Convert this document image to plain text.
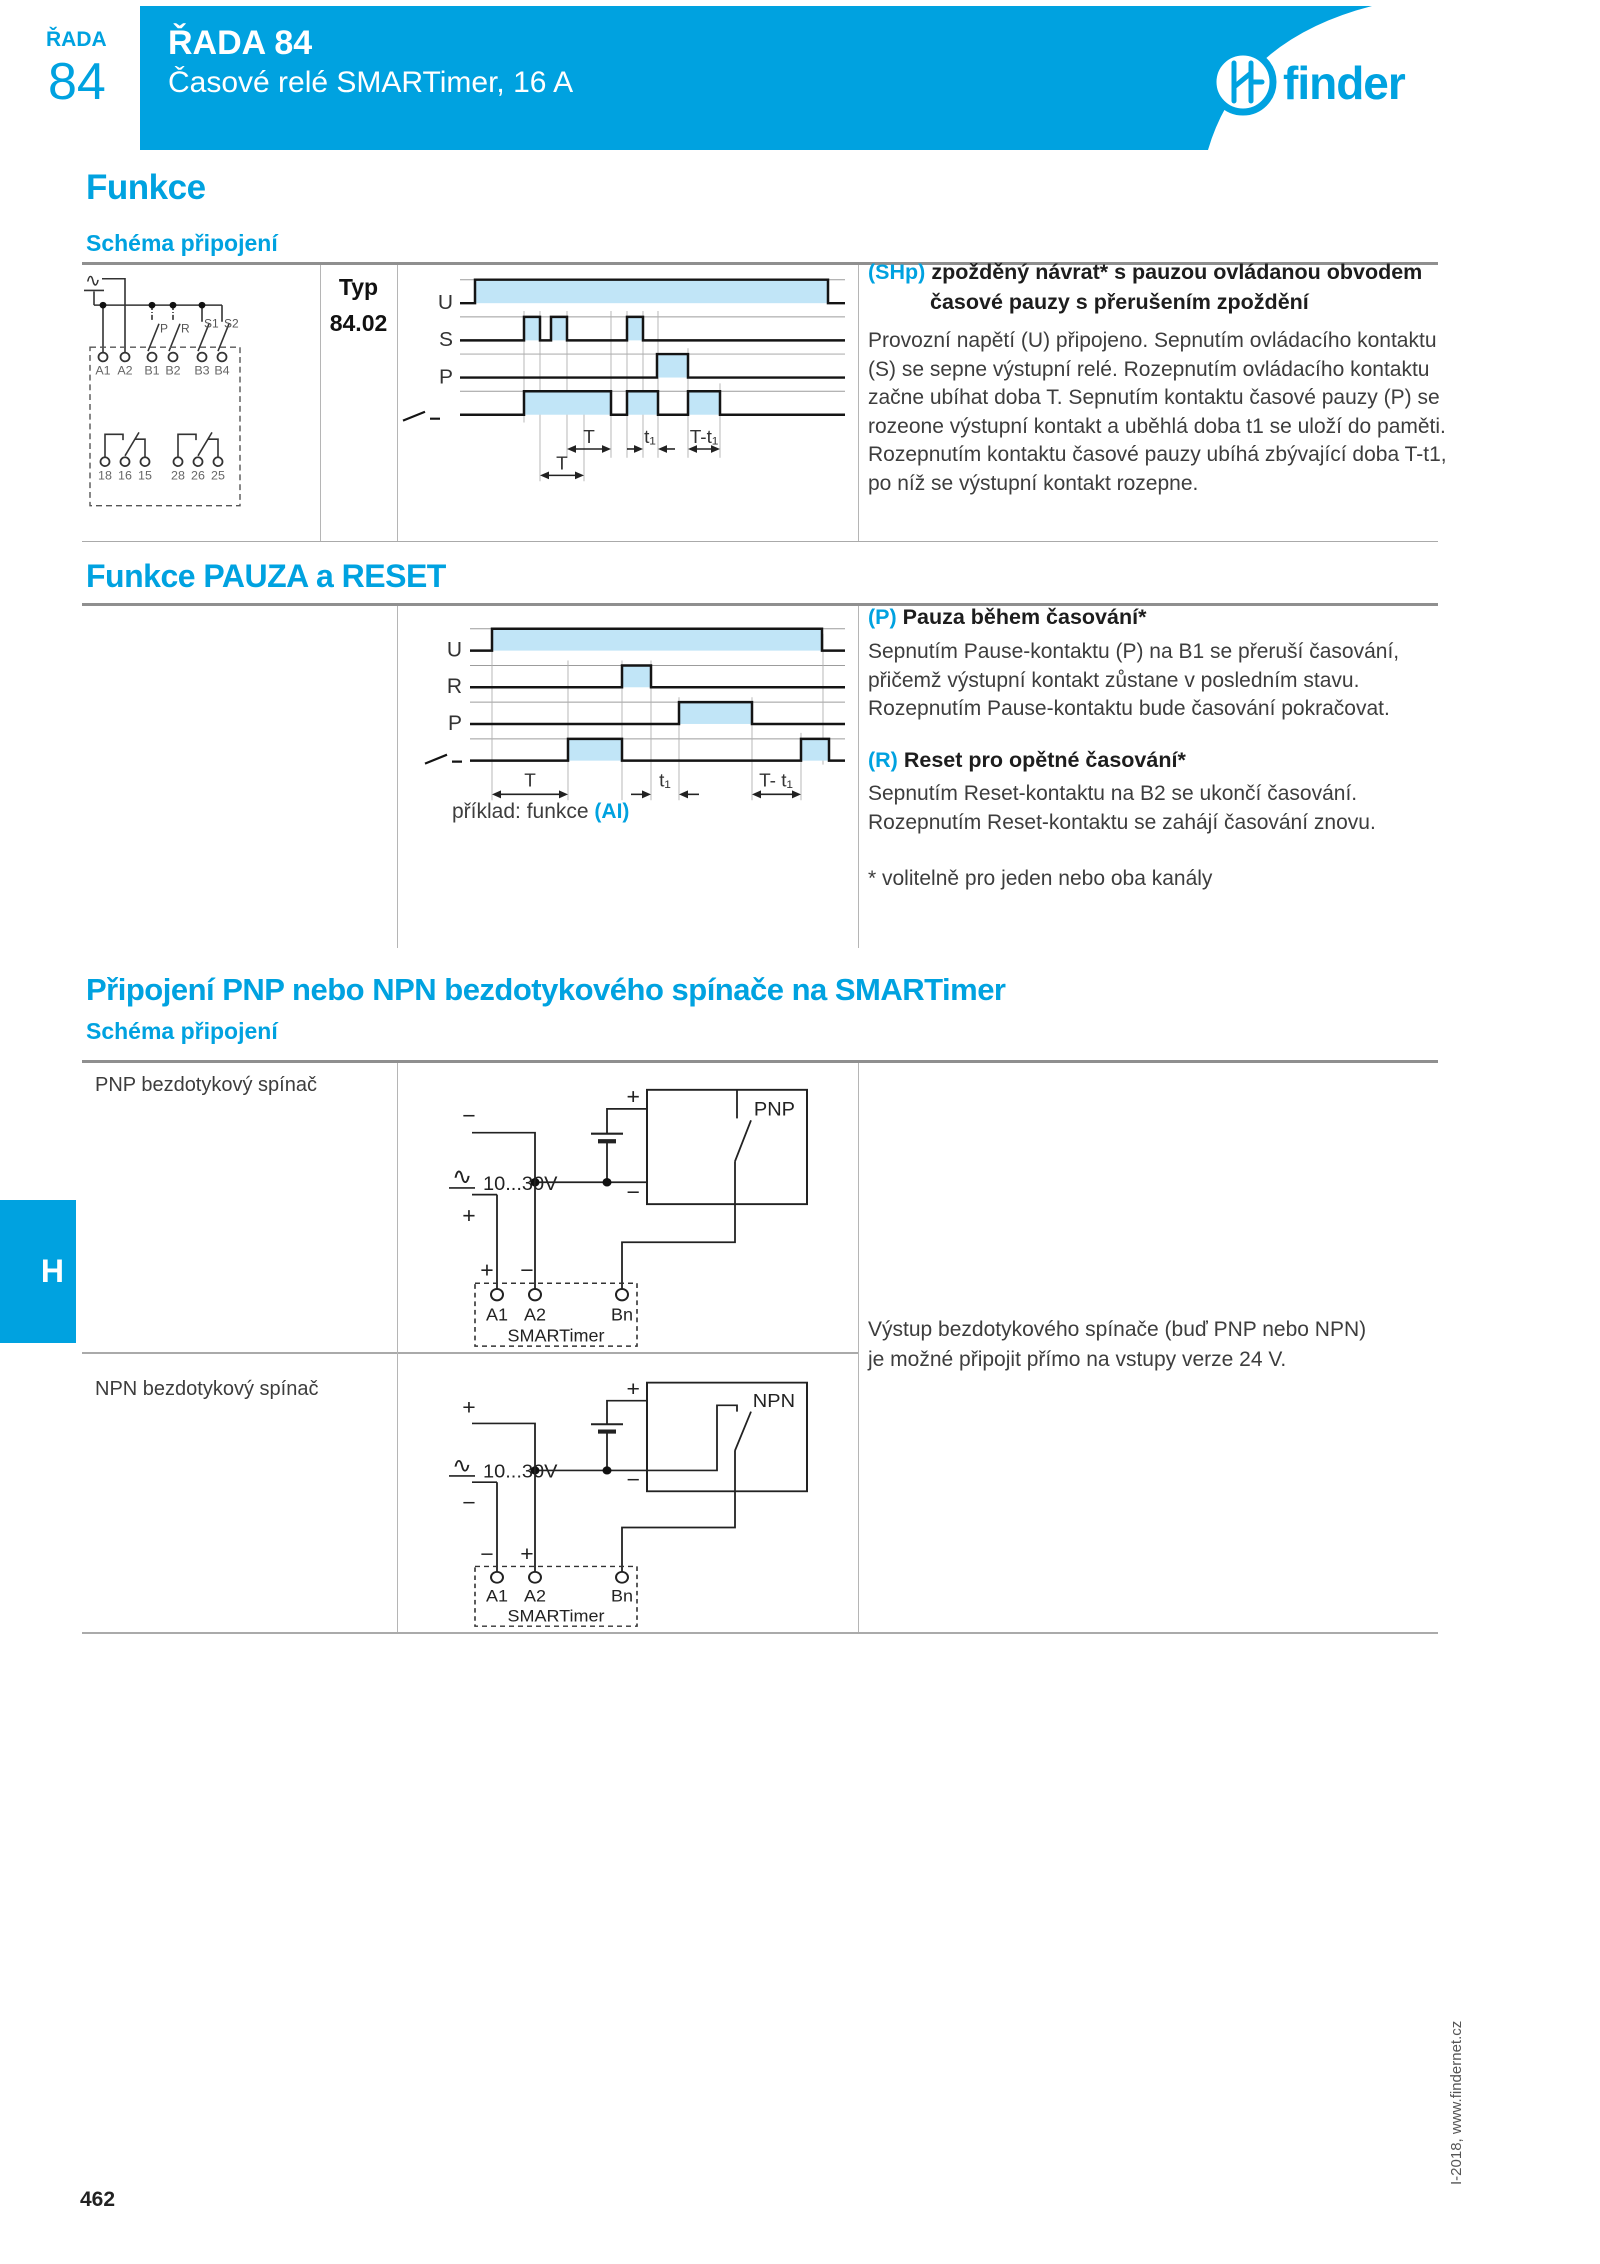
finder
ŘADA
84
ŘADA 84
Časové relé SMARTimer, 16 A
Funkce
Schéma připojení
Typ
84.02
∿
P R S1 S2
A1 A2 B1 B2 B3 B4
18 16 15 28 26 25
U
S
P
T
T
t₁ T-t₁
(SHp) zpožděný návrat* s pauzou ovládanou obvodem
časové pauzy s přerušením zpoždění
Provozní napětí (U) připojeno. Sepnutím ovládacího kontaktu
(S) se sepne výstupní relé. Rozepnutím ovládacího kontaktu
začne ubíhat doba T. Sepnutím kontaktu časové pauzy (P) se
rozeone výstupní kontakt a uběhlá doba t1 se uloží do paměti.
Rozepnutím kontaktu časové pauzy ubíhá zbývající doba T-t1,
po níž se výstupní kontakt rozepne.
Funkce PAUZA a RESET
U
R
P
T	t₁	T- t₁
příklad: funkce (AI)
(P) Pauza během časování*
Sepnutím Pause-kontaktu (P) na B1 se přeruší časování,
přičemž výstupní kontakt zůstane v posledním stavu.
Rozepnutím Pause-kontaktu bude časování pokračovat.
(R) Reset pro opětné časování*
Sepnutím Reset-kontaktu na B2 se ukončí časování.
Rozepnutím Reset-kontaktu se zahájí časování znovu.
* volitelně pro jeden nebo oba kanály
Připojení PNP nebo NPN bezdotykového spínače na SMARTimer
Schéma připojení
PNP bezdotykový spínač
NPN bezdotykový spínač
∿ 10...30V
−
+
+
−
+ −
PNP
A1 A2	Bn
SMARTimer
∿ 10...30V
+
−
+
−
− +
NPN
A1 A2	Bn
SMARTimer
Výstup bezdotykového spínače (buď PNP nebo NPN)
je možné připojit přímo na vstupy verze 24 V.
H
462
I-2018, www.findernet.cz
